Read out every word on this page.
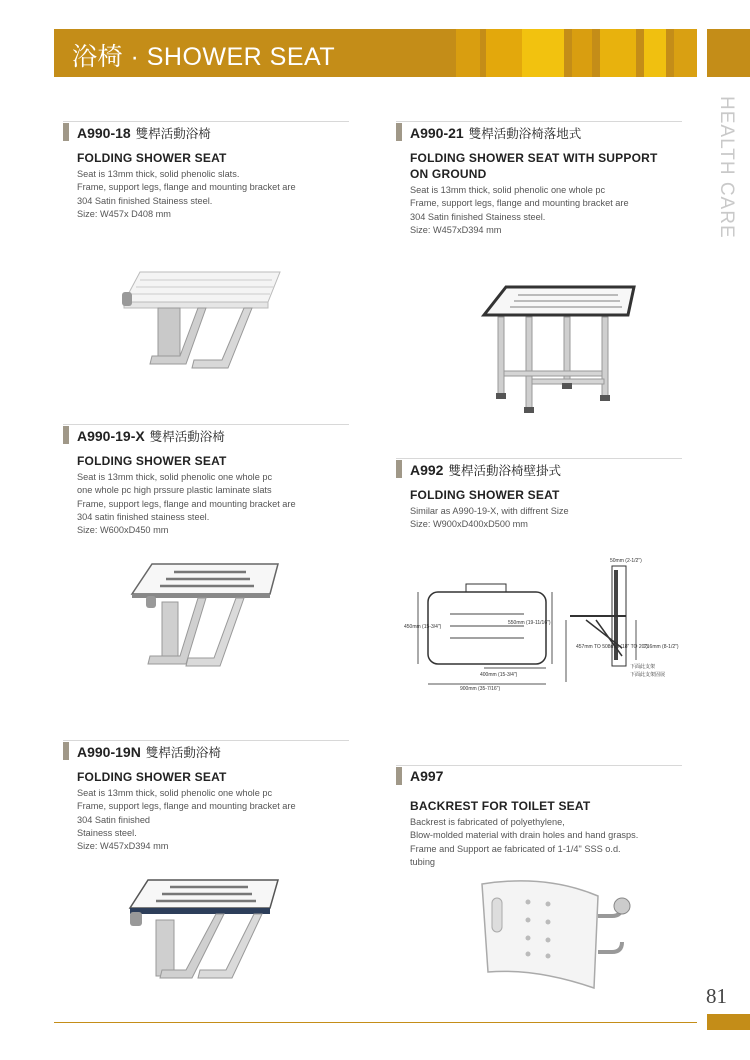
浴椅 · SHOWER SEAT
HEALTH CARE
A990-18 雙桿活動浴椅
FOLDING SHOWER SEAT
Seat is 13mm thick, solid phenolic slats.
Frame, support legs, flange and mounting bracket are
304 Satin finished Stainess steel.
Size: W457x D408 mm
A990-21 雙桿活動浴椅落地式
FOLDING SHOWER SEAT WITH SUPPORT
ON GROUND
Seat is 13mm thick, solid phenolic one whole pc
Frame, support legs, flange and mounting bracket are
304 Satin finished Stainess steel.
Size: W457xD394 mm
A990-19-X 雙桿活動浴椅
FOLDING SHOWER SEAT
Seat is 13mm thick, solid phenolic one whole pc
one whole pc high prssure plastic laminate slats
Frame, support legs, flange and mounting bracket are
304 satin finished stainess steel.
Size: W600xD450 mm
A992 雙桿活動浴椅壁掛式
FOLDING SHOWER SEAT
Similar as A990-19-X, with diffrent Size
Size: W900xD400xD500 mm
450mm (15-3/4")
550mm (19-11/16")
400mm (15-3/4")
900mm (35-7/16")
50mm (2-1/2")
457mm TO 508mm (18" TO 20")
216mm (8-1/2")
下面此支架
下面此支架固展
A990-19N 雙桿活動浴椅
FOLDING SHOWER SEAT
Seat is 13mm thick, solid phenolic one whole pc
Frame, support legs, flange and mounting bracket are
304 Satin finished
Stainess steel.
Size: W457xD394 mm
A997
BACKREST FOR TOILET SEAT
Backrest is fabricated of polyethylene,
Blow-molded material with drain holes and hand grasps.
Frame and Support ae fabricated of 1-1/4" SSS o.d.
tubing
81
